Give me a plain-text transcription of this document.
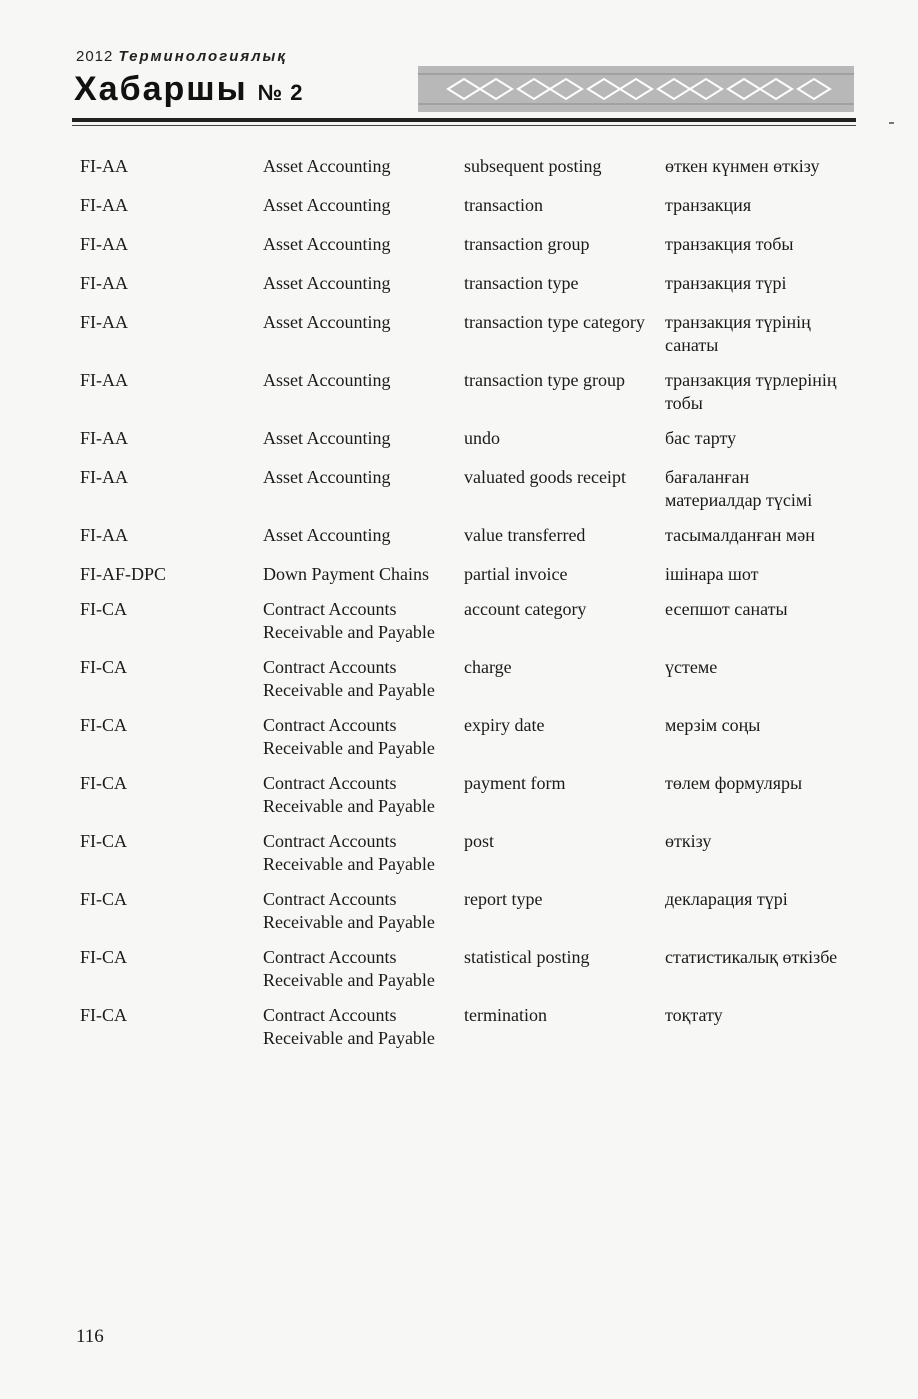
2012 Терминологиялық
Хабаршы № 2
FI-AA	Asset Accounting	subsequent posting	өткен күнмен өткізу
FI-AA	Asset Accounting	transaction	транзакция
FI-AA	Asset Accounting	transaction group	транзакция тобы
FI-AA	Asset Accounting	transaction type	транзакция түрі
FI-AA	Asset Accounting	transaction type category	транзакция түрінің санаты
FI-AA	Asset Accounting	transaction type group	транзакция түрлерінің тобы
FI-AA	Asset Accounting	undo	бас тарту
FI-AA	Asset Accounting	valuated goods receipt	бағаланған материалдар түсімі
FI-AA	Asset Accounting	value transferred	тасымалданған мән
FI-AF-DPC	Down Payment Chains	partial invoice	ішінара шот
FI-CA	Contract Accounts Receivable and Payable	account category	есепшот санаты
FI-CA	Contract Accounts Receivable and Payable	charge	үстеме
FI-CA	Contract Accounts Receivable and Payable	expiry date	мерзім соңы
FI-CA	Contract Accounts Receivable and Payable	payment form	төлем формуляры
FI-CA	Contract Accounts Receivable and Payable	post	өткізу
FI-CA	Contract Accounts Receivable and Payable	report type	декларация түрі
FI-CA	Contract Accounts Receivable and Payable	statistical posting	статистикалық өткізбе
FI-CA	Contract Accounts Receivable and Payable	termination	тоқтату
116
